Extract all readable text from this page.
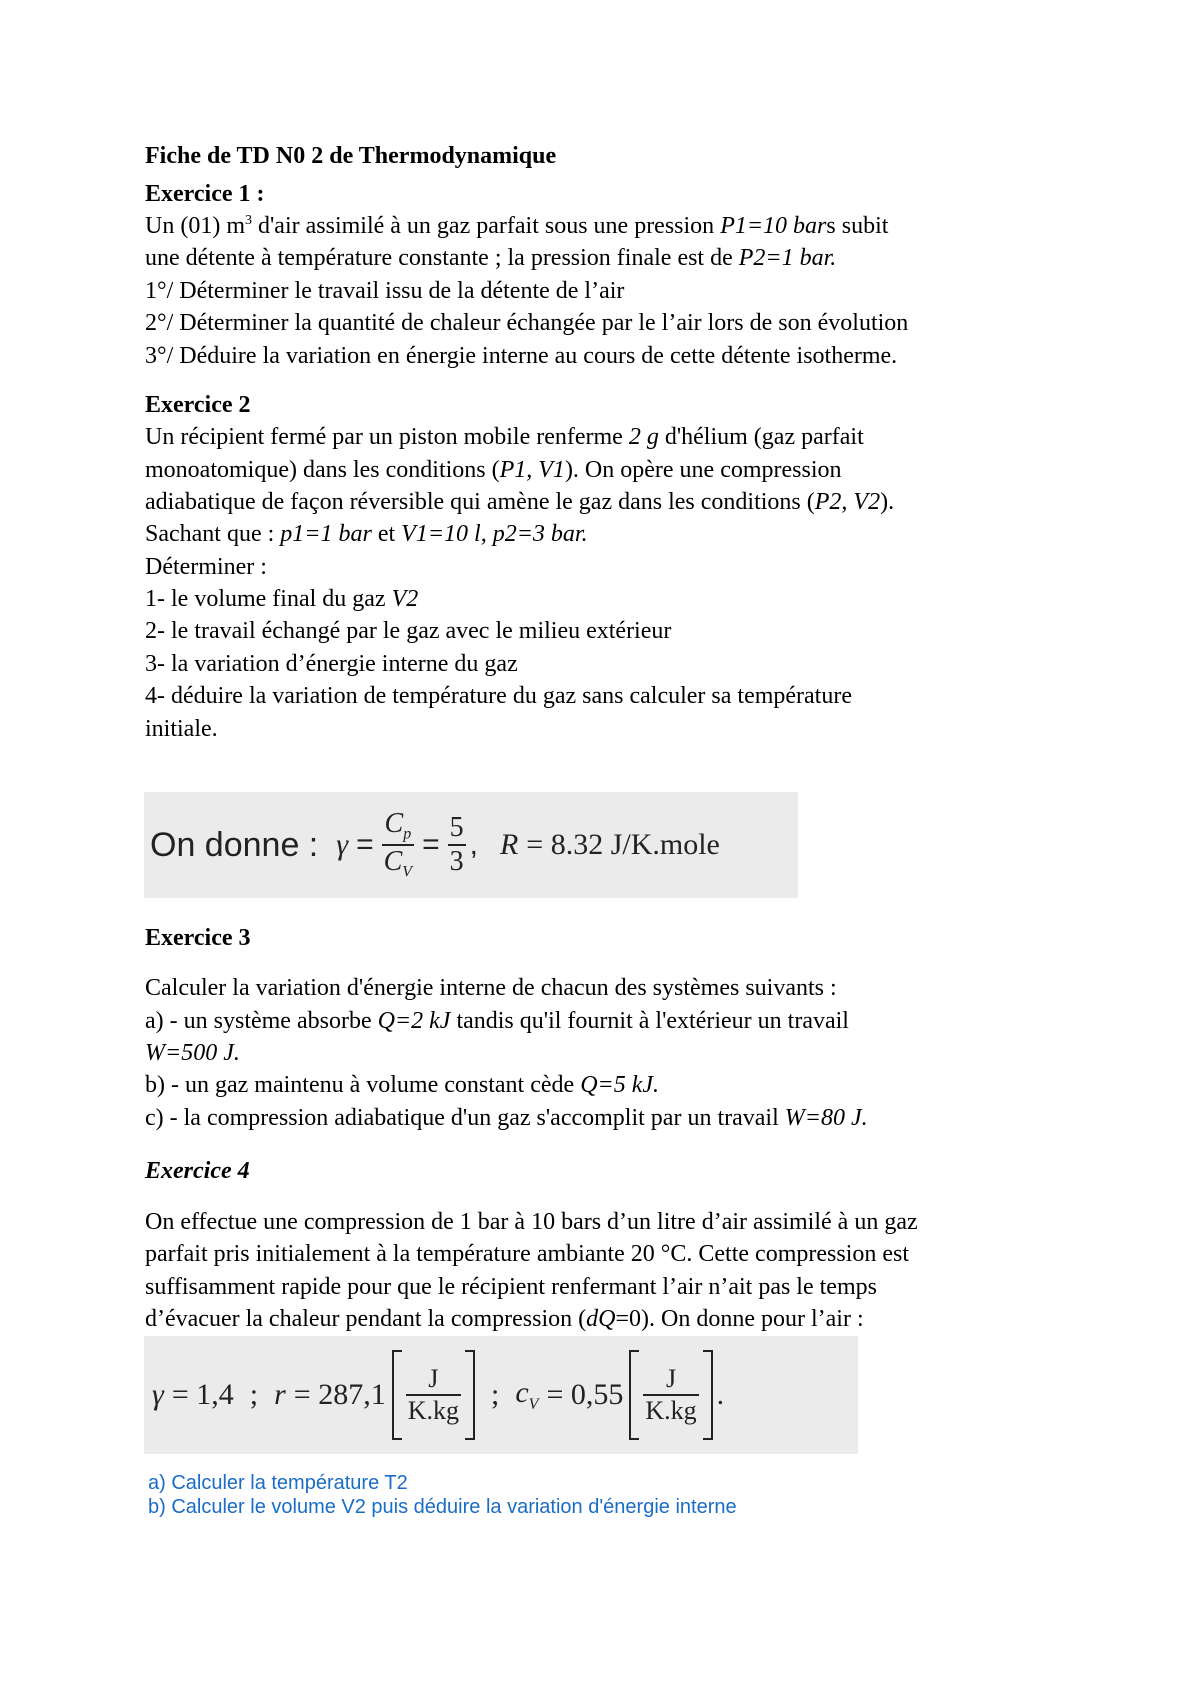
Fiche de TD N0 2 de Thermodynamique
Exercice 1 :
Un (01) $m^3$ d'air assimilé à un gaz parfait sous une pression P1=10 bars subit
une détente à température constante ; la pression finale est de P2=1 bar.
1°/ Déterminer le travail issu de la détente de l’air
2°/ Déterminer la quantité de chaleur échangée par le l’air lors de son évolution
3°/ Déduire la variation en énergie interne au cours de cette détente isotherme.
Exercice 2
Un récipient fermé par un piston mobile renferme 2 g d'hélium (gaz parfait
monoatomique) dans les conditions (P1, V1). On opère une compression
adiabatique de façon réversible qui amène le gaz dans les conditions (P2, V2).
Sachant que : p1=1 bar et V1=10 l, p2=3 bar.
Déterminer :
1- le volume final du gaz V2
2- le travail échangé par le gaz avec le milieu extérieur
3- la variation d’énergie interne du gaz
4- déduire la variation de température du gaz sans calculer sa température
initiale.
On donne : $\gamma = \frac{C_p}{C_V} = \frac{5}{3}$ , R = 8.32 J/K.mole
Exercice 3
Calculer la variation d'énergie interne de chacun des systèmes suivants :
a) - un système absorbe Q=2 kJ tandis qu'il fournit à l'extérieur un travail
W=500 J.
b) - un gaz maintenu à volume constant cède Q=5 kJ.
c) - la compression adiabatique d'un gaz s'accomplit par un travail W=80 J.
Exercice 4
On effectue une compression de 1 bar à 10 bars d’un litre d’air assimilé à un gaz
parfait pris initialement à la température ambiante 20 °C. Cette compression est
suffisamment rapide pour que le récipient renfermant l’air n’ait pas le temps
d’évacuer la chaleur pendant la compression (dQ=0). On donne pour l’air :
γ = 1,4 ; $r = 287,1 \frac{J}{K.kg}$ ; $c_V = 0,55 \frac{J}{K.kg}$ .
a) Calculer la température T2
b) Calculer le volume V2 puis déduire la variation d'énergie interne
